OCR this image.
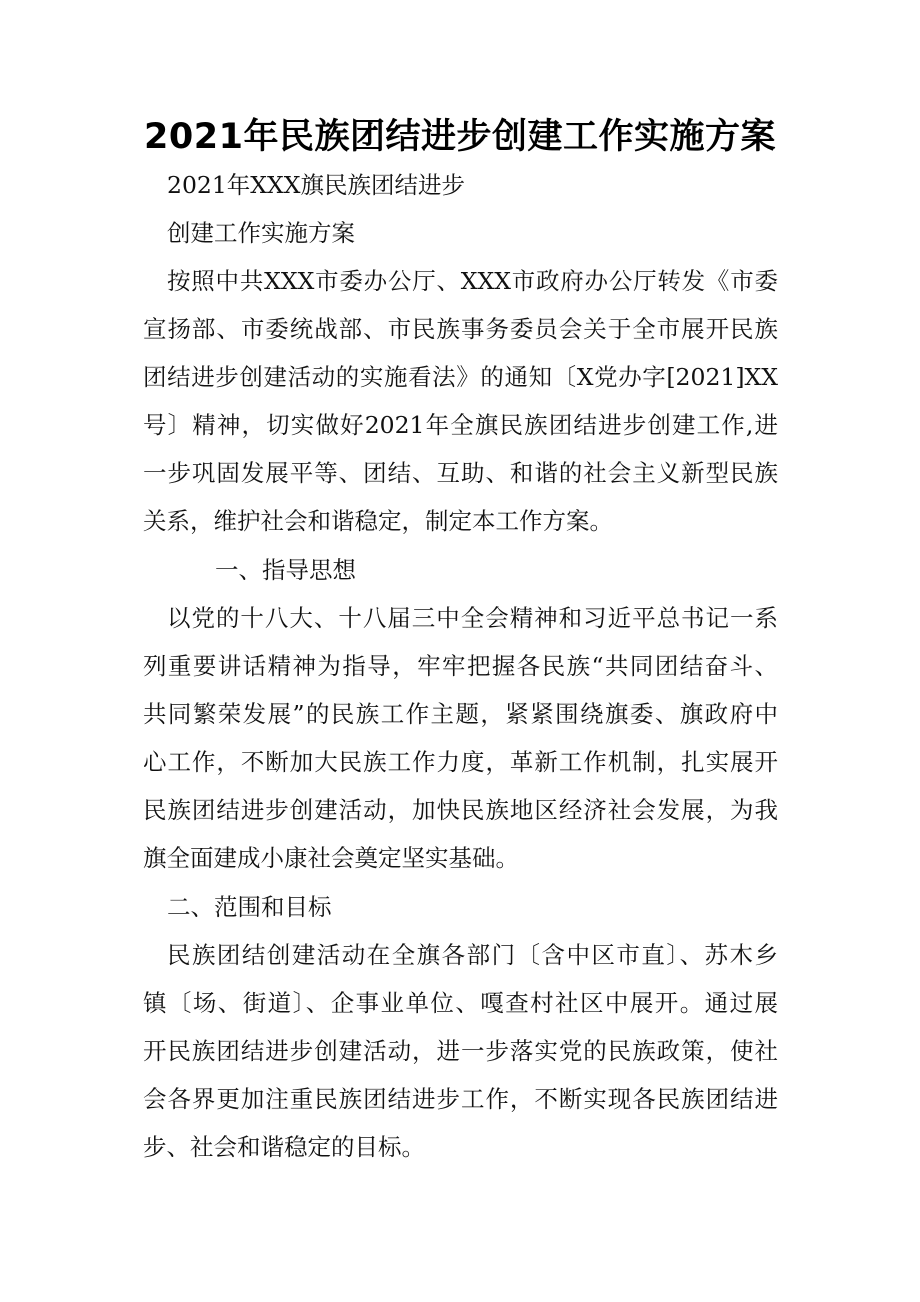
2021年民族团结进步创建工作实施方案
2021年XXX旗民族团结进步
创建工作实施方案
按照中共XXX市委办公厅、XXX市政府办公厅转发《市委
宣扬部、市委统战部、市民族事务委员会关于全市展开民族
团结进步创建活动的实施看法》的通知〔X党办字[2021]XX
号〕精神，切实做好2021年全旗民族团结进步创建工作,进
一步巩固发展平等、团结、互助、和谐的社会主义新型民族
关系，维护社会和谐稳定，制定本工作方案。
一、指导思想
以党的十八大、十八届三中全会精神和习近平总书记一系
列重要讲话精神为指导，牢牢把握各民族“共同团结奋斗、
共同繁荣发展”的民族工作主题，紧紧围绕旗委、旗政府中
心工作，不断加大民族工作力度，革新工作机制，扎实展开
民族团结进步创建活动，加快民族地区经济社会发展，为我
旗全面建成小康社会奠定坚实基础。
二、范围和目标
民族团结创建活动在全旗各部门〔含中区市直〕、苏木乡
镇〔场、街道〕、企事业单位、嘎查村社区中展开。通过展
开民族团结进步创建活动，进一步落实党的民族政策，使社
会各界更加注重民族团结进步工作，不断实现各民族团结进
步、社会和谐稳定的目标。
